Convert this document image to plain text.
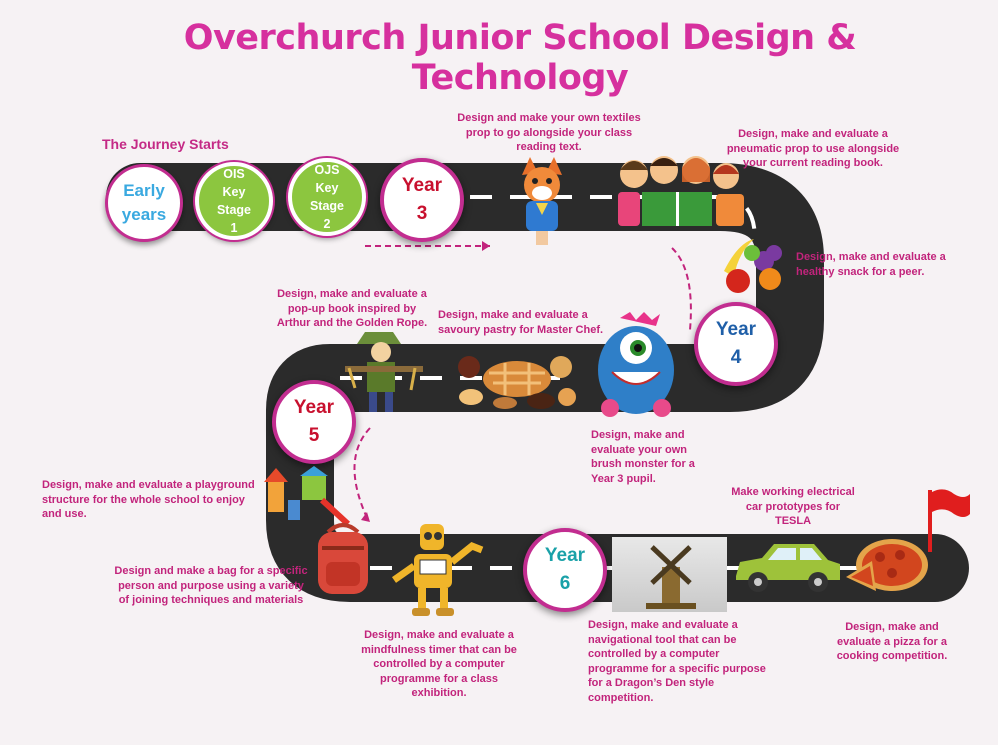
Overchurch Junior School Design &
Technology
The Journey Starts
Early
years
OIS
Key
Stage
1
OJS
Key
Stage
2
Year
3
Year
4
Year
5
Year
6
Design and make your own textiles prop to go alongside your class reading text.
Design, make and evaluate a pneumatic prop to use alongside your current reading book.
Design, make and evaluate a healthy snack for a peer.
Design, make and evaluate a pop-up book inspired by Arthur and the Golden Rope.
Design, make and evaluate a savoury pastry for Master Chef.
Design, make and evaluate your own brush monster for a Year 3 pupil.
Design, make and evaluate a playground structure for the whole school to enjoy and use.
Design and make a bag for a specific person and purpose using a variety of joining techniques and materials
Design, make and evaluate a mindfulness timer that can be controlled by a computer programme for a class exhibition.
Design, make and evaluate a navigational tool that can be controlled by a computer programme for a specific purpose for a Dragon’s Den style competition.
Make working electrical car prototypes for TESLA
Design, make and evaluate a pizza for a cooking competition.
